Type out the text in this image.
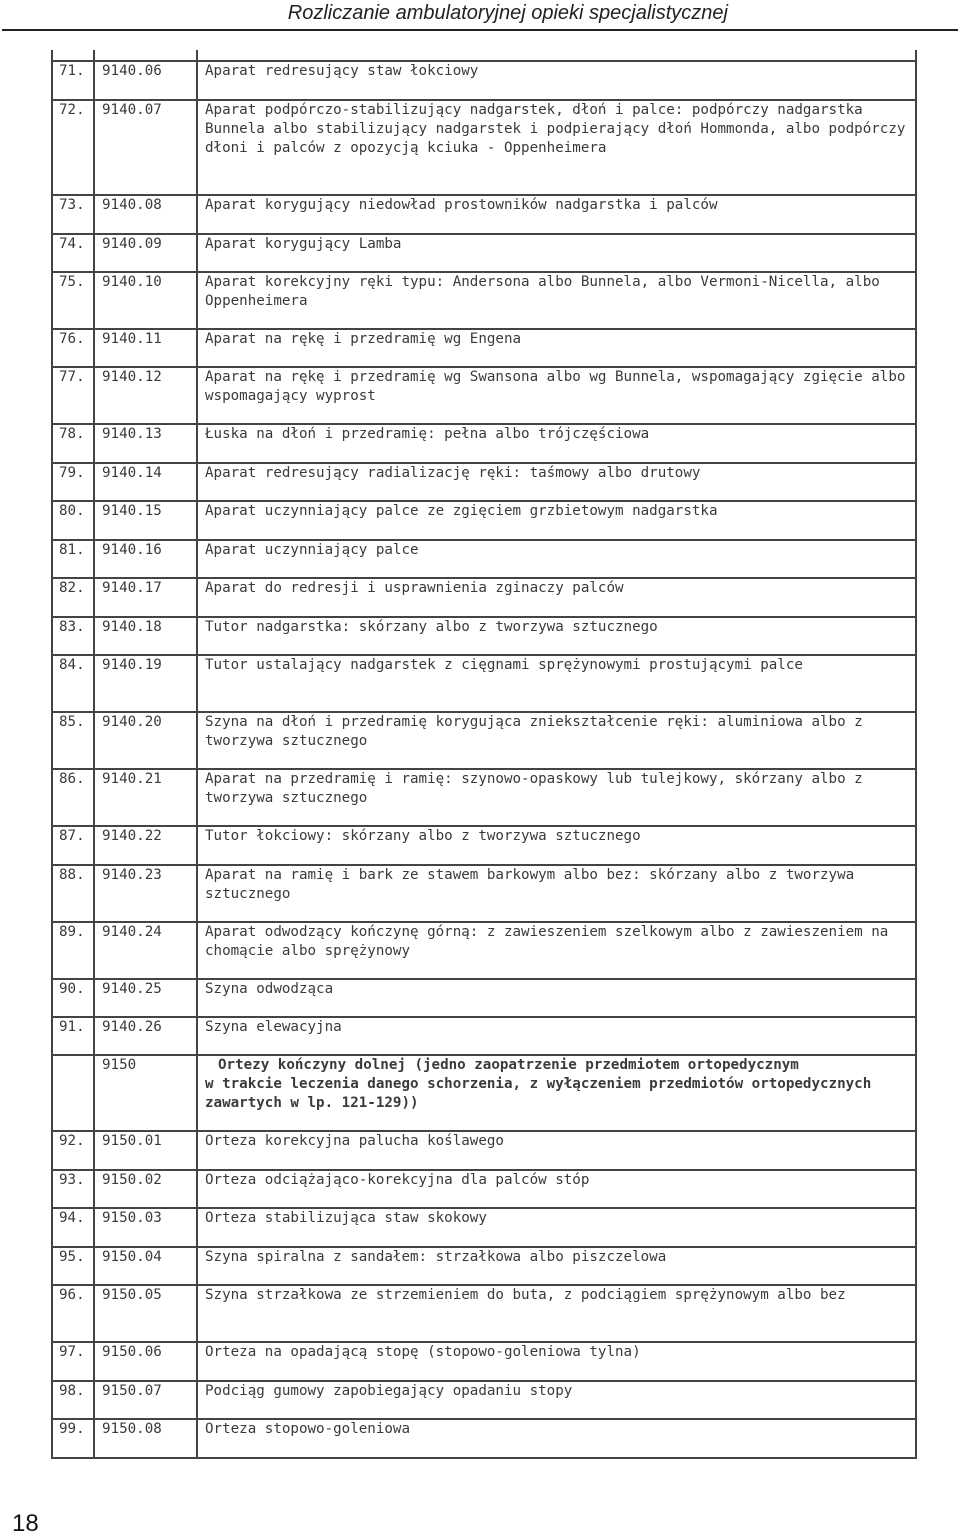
Rozliczanie ambulatoryjnej opieki specjalistycznej

71.	9140.06	Aparat redresujący staw łokciowy
72.	9140.07	Aparat podpórczo-stabilizujący nadgarstek, dłoń i palce: podpórczy nadgarstka Bunnela albo stabilizujący nadgarstek i podpierający dłoń Hommonda, albo podpórczy dłoni i palców z opozycją kciuka - Oppenheimera
73.	9140.08	Aparat korygujący niedowład prostowników nadgarstka i palców
74.	9140.09	Aparat korygujący Lamba
75.	9140.10	Aparat korekcyjny ręki typu: Andersona albo Bunnela, albo Vermoni-Nicella, albo Oppenheimera
76.	9140.11	Aparat na rękę i przedramię wg Engena
77.	9140.12	Aparat na rękę i przedramię wg Swansona albo wg Bunnela, wspomagający zgięcie albo wspomagający wyprost
78.	9140.13	Łuska na dłoń i przedramię: pełna albo trójczęściowa
79.	9140.14	Aparat redresujący radializację ręki: taśmowy albo drutowy
80.	9140.15	Aparat uczynniający palce ze zgięciem grzbietowym nadgarstka
81.	9140.16	Aparat uczynniający palce
82.	9140.17	Aparat do redresji i usprawnienia zginaczy palców
83.	9140.18	Tutor nadgarstka: skórzany albo z tworzywa sztucznego
84.	9140.19	Tutor ustalający nadgarstek z cięgnami sprężynowymi prostującymi palce
85.	9140.20	Szyna na dłoń i przedramię korygująca zniekształcenie ręki: aluminiowa albo z tworzywa sztucznego
86.	9140.21	Aparat na przedramię i ramię: szynowo-opaskowy lub tulejkowy, skórzany albo z tworzywa sztucznego
87.	9140.22	Tutor łokciowy: skórzany albo z tworzywa sztucznego
88.	9140.23	Aparat na ramię i bark ze stawem barkowym albo bez: skórzany albo z tworzywa sztucznego
89.	9140.24	Aparat odwodzący kończynę górną: z zawieszeniem szelkowym albo z zawieszeniem na chomącie albo sprężynowy
90.	9140.25	Szyna odwodząca
91.	9140.26	Szyna elewacyjna
	9150	Ortezy kończyny dolnej (jedno zaopatrzenie przedmiotem ortopedycznym
w trakcie leczenia danego schorzenia, z wyłączeniem przedmiotów ortopedycznych zawartych w lp. 121-129))
92.	9150.01	Orteza korekcyjna palucha koślawego
93.	9150.02	Orteza odciążająco-korekcyjna dla palców stóp
94.	9150.03	Orteza stabilizująca staw skokowy
95.	9150.04	Szyna spiralna z sandałem: strzałkowa albo piszczelowa
96.	9150.05	Szyna strzałkowa ze strzemieniem do buta, z podciągiem sprężynowym albo bez
97.	9150.06	Orteza na opadającą stopę (stopowo-goleniowa tylna)
98.	9150.07	Podciąg gumowy zapobiegający opadaniu stopy
99.	9150.08	Orteza stopowo-goleniowa
18
